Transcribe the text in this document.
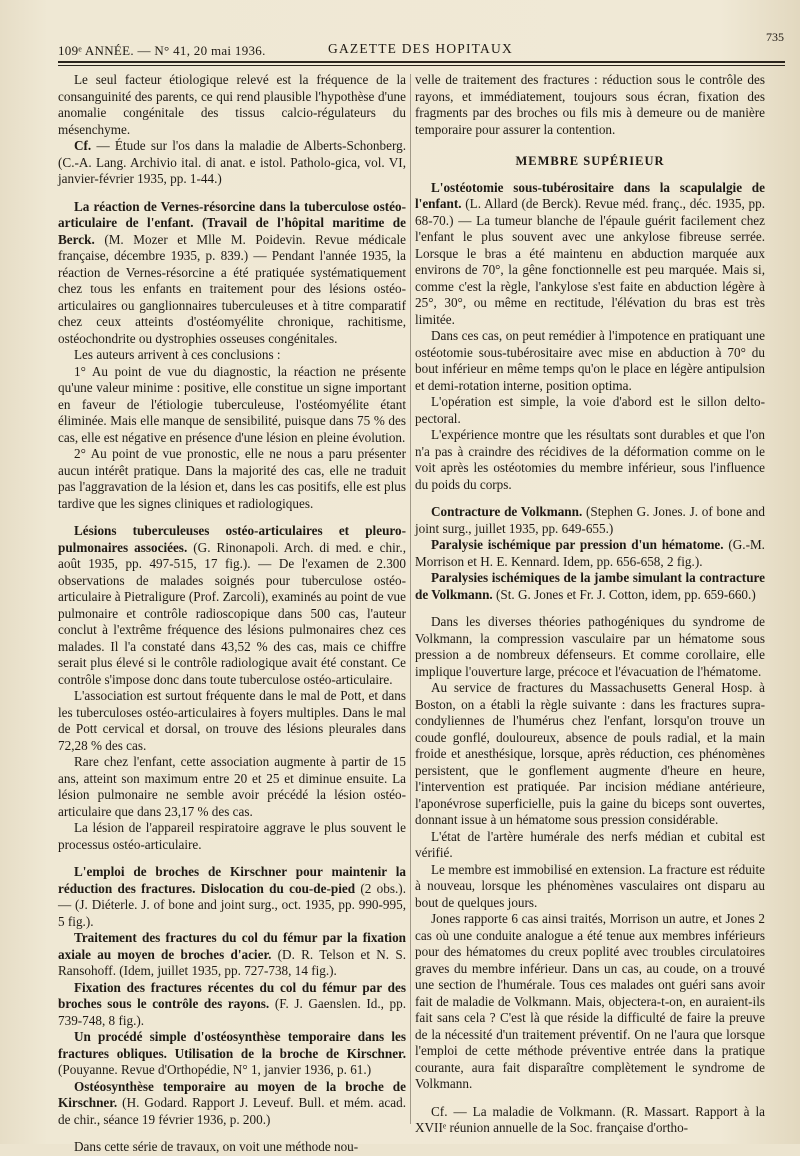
109ᵉ ANNÉE. — N° 41, 20 mai 1936.	GAZETTE DES HOPITAUX
735

Le seul facteur étiologique relevé est la fréquence de la consanguinité des parents, ce qui rend plausible l'hypothèse d'une anomalie congénitale des tissus calcio-régulateurs du mésenchyme.

Cf. — Étude sur l'os dans la maladie de Alberts-Schonberg. (C.-A. Lang. Archivio ital. di anat. e istol. Patholo-gica, vol. VI, janvier-février 1935, pp. 1-44.)

La réaction de Vernes-résorcine dans la tuberculose ostéo-articulaire de l'enfant. (Travail de l'hôpital maritime de Berck. (M. Mozer et Mlle M. Poidevin. Revue médicale française, décembre 1935, p. 839.) — Pendant l'année 1935, la réaction de Vernes-résorcine a été pratiquée systématiquement chez tous les enfants en traitement pour des lésions ostéo-articulaires ou ganglionnaires tuberculeuses et à titre comparatif chez ceux atteints d'ostéomyélite chronique, rachitisme, ostéochondrite ou dystrophies osseuses congénitales.

Les auteurs arrivent à ces conclusions :

1° Au point de vue du diagnostic, la réaction ne présente qu'une valeur minime : positive, elle constitue un signe important en faveur de l'étiologie tuberculeuse, l'ostéomyélite étant éliminée. Mais elle manque de sensibilité, puisque dans 75 % des cas, elle est négative en présence d'une lésion en pleine évolution.

2° Au point de vue pronostic, elle ne nous a paru présenter aucun intérêt pratique. Dans la majorité des cas, elle ne traduit pas l'aggravation de la lésion et, dans les cas positifs, elle est plus tardive que les signes cliniques et radiologiques.

Lésions tuberculeuses ostéo-articulaires et pleuro-pulmonaires associées. (G. Rinonapoli. Arch. di med. e chir., août 1935, pp. 497-515, 17 fig.). — De l'examen de 2.300 observations de malades soignés pour tuberculose ostéo-articulaire à Pietraligure (Prof. Zarcoli), examinés au point de vue pulmonaire et contrôle radioscopique dans 500 cas, l'auteur conclut à l'extrême fréquence des lésions pulmonaires chez ces malades. Il l'a constaté dans 43,52 % des cas, mais ce chiffre serait plus élevé si le contrôle radiologique avait été constant. Ce contrôle s'impose donc dans toute tuberculose ostéo-articulaire.

L'association est surtout fréquente dans le mal de Pott, et dans les tuberculoses ostéo-articulaires à foyers multiples. Dans le mal de Pott cervical et dorsal, on trouve des lésions pleurales dans 72,28 % des cas.

Rare chez l'enfant, cette association augmente à partir de 15 ans, atteint son maximum entre 20 et 25 et diminue ensuite. La lésion pulmonaire ne semble avoir précédé la lésion ostéo-articulaire que dans 23,17 % des cas.

La lésion de l'appareil respiratoire aggrave le plus souvent le processus ostéo-articulaire.

L'emploi de broches de Kirschner pour maintenir la réduction des fractures. Dislocation du cou-de-pied (2 obs.). — (J. Diéterle. J. of bone and joint surg., oct. 1935, pp. 990-995, 5 fig.).

Traitement des fractures du col du fémur par la fixation axiale au moyen de broches d'acier. (D. R. Telson et N. S. Ransohoff. (Idem, juillet 1935, pp. 727-738, 14 fig.).

Fixation des fractures récentes du col du fémur par des broches sous le contrôle des rayons. (F. J. Gaenslen. Id., pp. 739-748, 8 fig.).

Un procédé simple d'ostéosynthèse temporaire dans les fractures obliques. Utilisation de la broche de Kirschner. (Pouyanne. Revue d'Orthopédie, N° 1, janvier 1936, p. 61.)

Ostéosynthèse temporaire au moyen de la broche de Kirschner. (H. Godard. Rapport J. Leveuf. Bull. et mém. acad. de chir., séance 19 février 1936, p. 200.)

Dans cette série de travaux, on voit une méthode nou-

velle de traitement des fractures : réduction sous le contrôle des rayons, et immédiatement, toujours sous écran, fixation des fragments par des broches ou fils mis à demeure ou de manière temporaire pour assurer la contention.

MEMBRE SUPÉRIEUR

L'ostéotomie sous-tubérositaire dans la scapulalgie de l'enfant. (L. Allard (de Berck). Revue méd. franç., déc. 1935, pp. 68-70.) — La tumeur blanche de l'épaule guérit facilement chez l'enfant le plus souvent avec une ankylose fibreuse serrée. Lorsque le bras a été maintenu en abduction marquée aux environs de 70°, la gêne fonctionnelle est peu marquée. Mais si, comme c'est la règle, l'ankylose s'est faite en abduction légère à 25°, 30°, ou même en rectitude, l'élévation du bras est très limitée.

Dans ces cas, on peut remédier à l'impotence en pratiquant une ostéotomie sous-tubérositaire avec mise en abduction à 70° du bout inférieur en même temps qu'on le place en légère antipulsion et demi-rotation interne, position optima.

L'opération est simple, la voie d'abord est le sillon delto-pectoral.

L'expérience montre que les résultats sont durables et que l'on n'a pas à craindre des récidives de la déformation comme on le voit après les ostéotomies du membre inférieur, sous l'influence du poids du corps.

Contracture de Volkmann. (Stephen G. Jones. J. of bone and joint surg., juillet 1935, pp. 649-655.)

Paralysie ischémique par pression d'un hématome. (G.-M. Morrison et H. E. Kennard. Idem, pp. 656-658, 2 fig.).

Paralysies ischémiques de la jambe simulant la contracture de Volkmann. (St. G. Jones et Fr. J. Cotton, idem, pp. 659-660.)

Dans les diverses théories pathogéniques du syndrome de Volkmann, la compression vasculaire par un hématome sous pression a de nombreux défenseurs. Et comme corollaire, elle implique l'ouverture large, précoce et l'évacuation de l'hématome.

Au service de fractures du Massachusetts General Hosp. à Boston, on a établi la règle suivante : dans les fractures supra-condyliennes de l'humérus chez l'enfant, lorsqu'on trouve un coude gonflé, douloureux, absence de pouls radial, et la main froide et anesthésique, lorsque, après réduction, ces phénomènes persistent, que le gonflement augmente d'heure en heure, l'intervention est pratiquée. Par incision médiane antérieure, l'aponévrose superficielle, puis la gaine du biceps sont ouvertes, donnant issue à un hématome sous pression considérable.

L'état de l'artère humérale des nerfs médian et cubital est vérifié.

Le membre est immobilisé en extension. La fracture est réduite à nouveau, lorsque les phénomènes vasculaires ont disparu au bout de quelques jours.

Jones rapporte 6 cas ainsi traités, Morrison un autre, et Jones 2 cas où une conduite analogue a été tenue aux membres inférieurs pour des hématomes du creux poplité avec troubles circulatoires graves du membre inférieur. Dans un cas, au coude, on a trouvé une section de l'humérale. Tous ces malades ont guéri sans avoir fait de maladie de Volkmann. Mais, objectera-t-on, en auraient-ils fait sans cela ? C'est là que réside la difficulté de faire la preuve de la nécessité d'un traitement préventif. On ne l'aura que lorsque l'emploi de cette méthode préventive entrée dans la pratique courante, aura fait disparaître complètement le syndrome de Volkmann.

Cf. — La maladie de Volkmann. (R. Massart. Rapport à la XVIIᵉ réunion annuelle de la Soc. française d'ortho-
